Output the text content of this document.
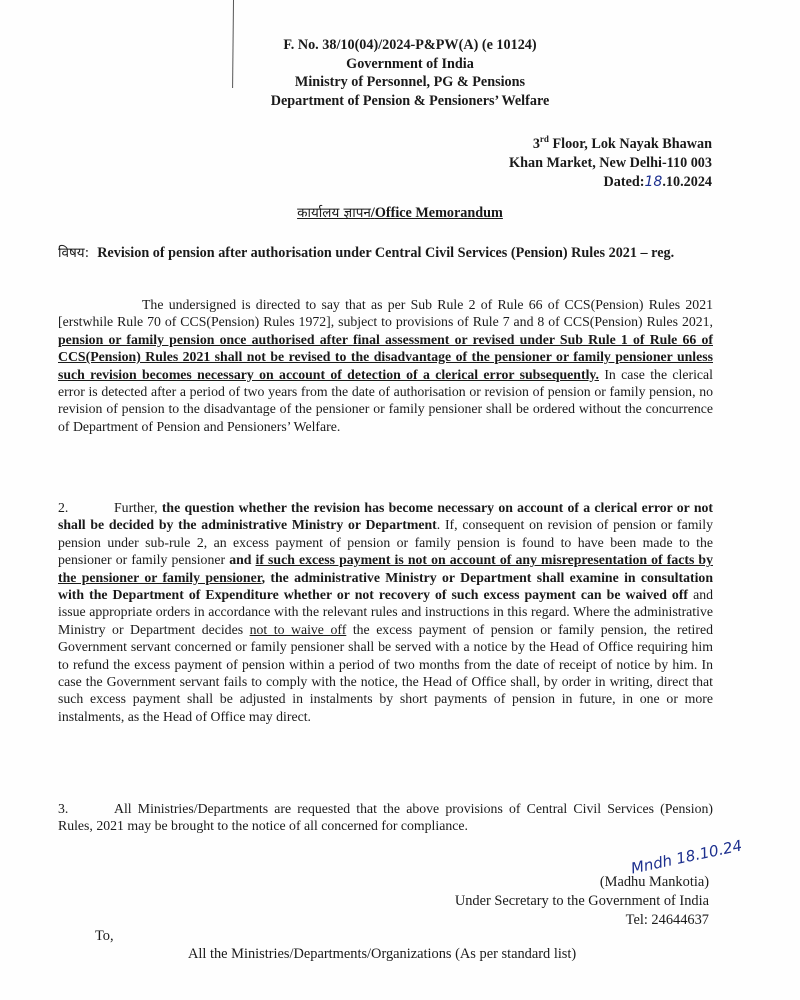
F. No. 38/10(04)/2024-P&PW(A) (e 10124)
Government of India
Ministry of Personnel, PG & Pensions
Department of Pension & Pensioners’ Welfare
3rd Floor, Lok Nayak Bhawan
Khan Market, New Delhi-110 003
Dated:18.10.2024
कार्यालय ज्ञापन/Office Memorandum
विषय: Revision of pension after authorisation under Central Civil Services (Pension) Rules 2021 – reg.
The undersigned is directed to say that as per Sub Rule 2 of Rule 66 of CCS(Pension) Rules 2021 [erstwhile Rule 70 of CCS(Pension) Rules 1972], subject to provisions of Rule 7 and 8 of CCS(Pension) Rules 2021, pension or family pension once authorised after final assessment or revised under Sub Rule 1 of Rule 66 of CCS(Pension) Rules 2021 shall not be revised to the disadvantage of the pensioner or family pensioner unless such revision becomes necessary on account of detection of a clerical error subsequently. In case the clerical error is detected after a period of two years from the date of authorisation or revision of pension or family pension, no revision of pension to the disadvantage of the pensioner or family pensioner shall be ordered without the concurrence of Department of Pension and Pensioners’ Welfare.
2.	Further, the question whether the revision has become necessary on account of a clerical error or not shall be decided by the administrative Ministry or Department. If, consequent on revision of pension or family pension under sub-rule 2, an excess payment of pension or family pension is found to have been made to the pensioner or family pensioner and if such excess payment is not on account of any misrepresentation of facts by the pensioner or family pensioner, the administrative Ministry or Department shall examine in consultation with the Department of Expenditure whether or not recovery of such excess payment can be waived off and issue appropriate orders in accordance with the relevant rules and instructions in this regard. Where the administrative Ministry or Department decides not to waive off the excess payment of pension or family pension, the retired Government servant concerned or family pensioner shall be served with a notice by the Head of Office requiring him to refund the excess payment of pension within a period of two months from the date of receipt of notice by him. In case the Government servant fails to comply with the notice, the Head of Office shall, by order in writing, direct that such excess payment shall be adjusted in instalments by short payments of pension in future, in one or more instalments, as the Head of Office may direct.
3.	All Ministries/Departments are requested that the above provisions of Central Civil Services (Pension) Rules, 2021 may be brought to the notice of all concerned for compliance.
Mndh 18.10.24
(Madhu Mankotia)
Under Secretary to the Government of India
Tel: 24644637
To,
All the Ministries/Departments/Organizations (As per standard list)
